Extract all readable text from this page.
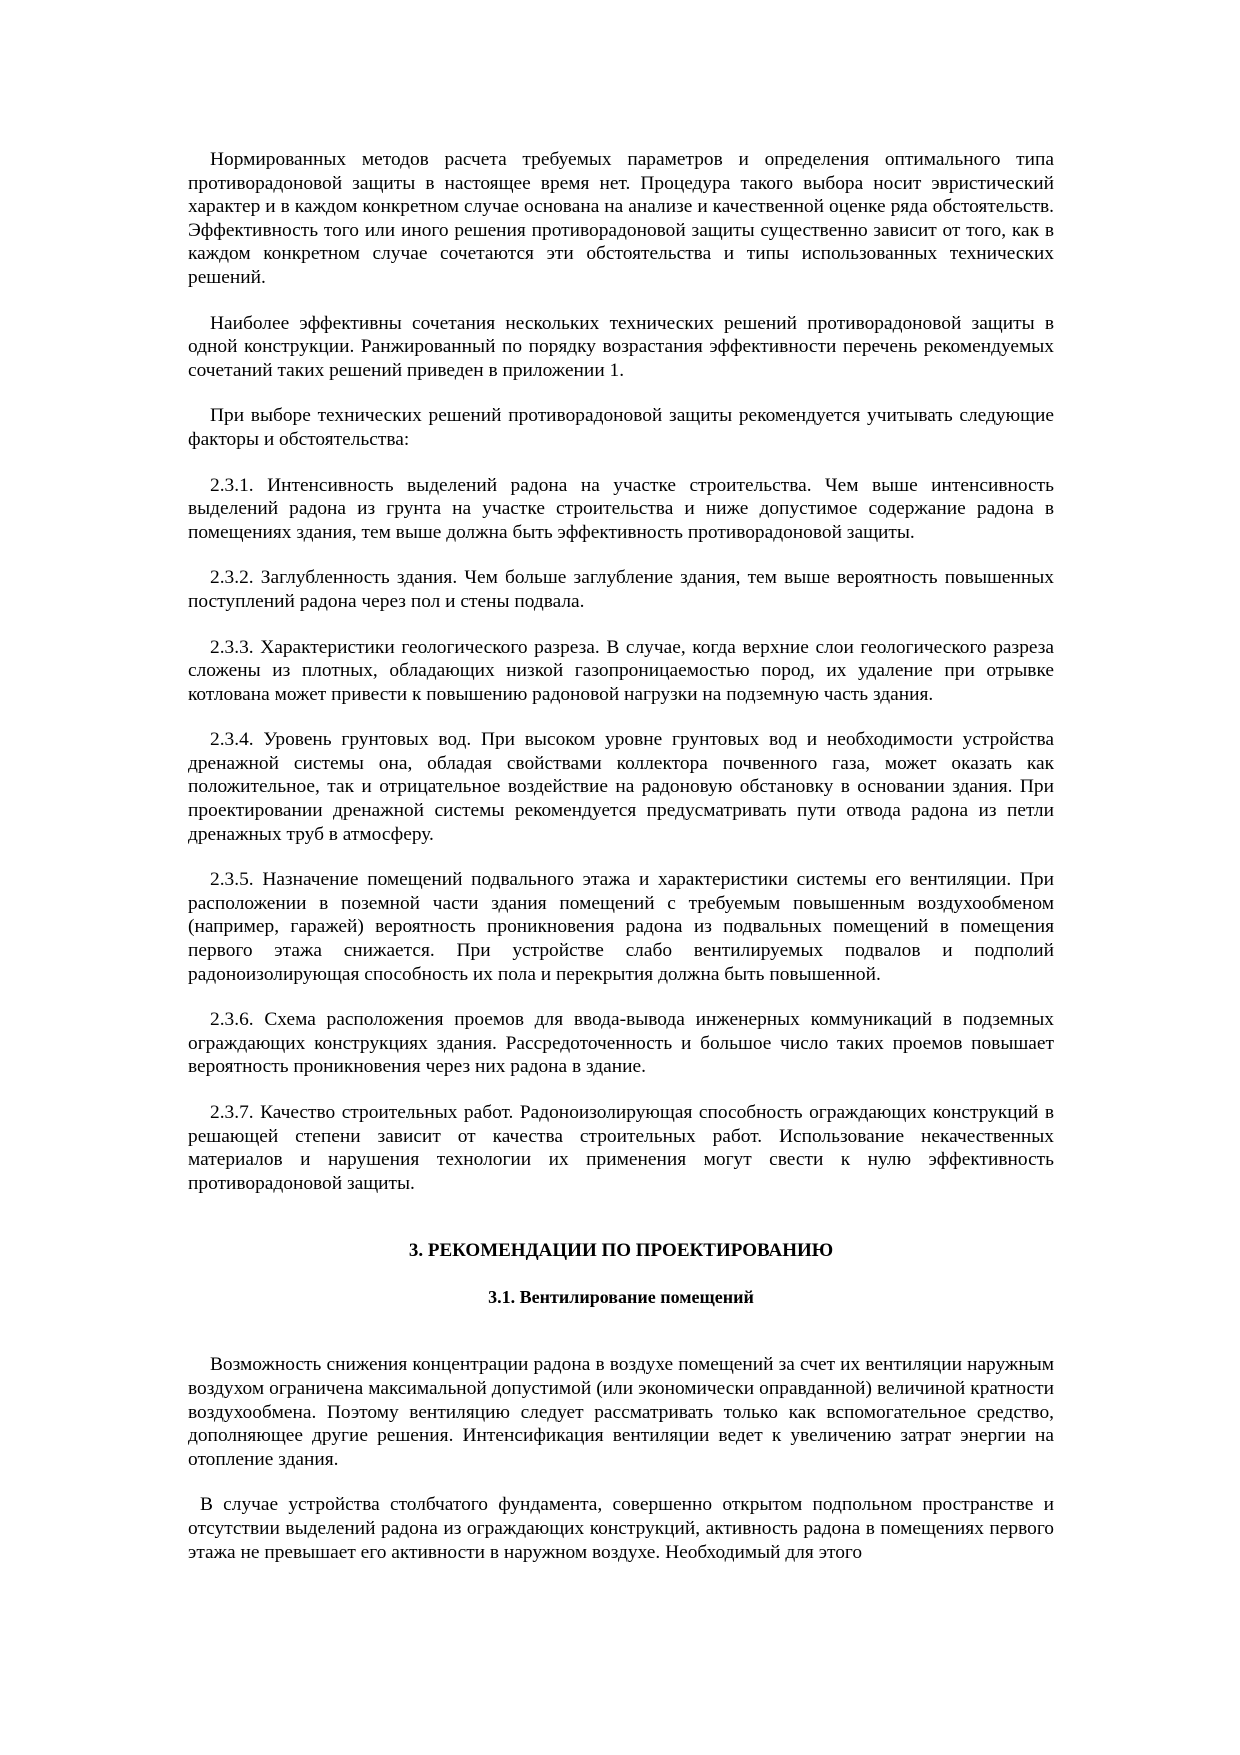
Нормированных методов расчета требуемых параметров и определения оптимального типа противорадоновой защиты в настоящее время нет. Процедура такого выбора носит эвристический характер и в каждом конкретном случае основана на анализе и качественной оценке ряда обстоятельств. Эффективность того или иного решения противорадоновой защиты существенно зависит от того, как в каждом конкретном случае сочетаются эти обстоятельства и типы использованных технических решений.

Наиболее эффективны сочетания нескольких технических решений противорадоновой защиты в одной конструкции. Ранжированный по порядку возрастания эффективности перечень рекомендуемых сочетаний таких решений приведен в приложении 1.

При выборе технических решений противорадоновой защиты рекомендуется учитывать следующие факторы и обстоятельства:

2.3.1. Интенсивность выделений радона на участке строительства. Чем выше интенсивность выделений радона из грунта на участке строительства и ниже допустимое содержание радона в помещениях здания, тем выше должна быть эффективность противорадоновой защиты.

2.3.2. Заглубленность здания. Чем больше заглубление здания, тем выше вероятность повышенных поступлений радона через пол и стены подвала.

2.3.3. Характеристики геологического разреза. В случае, когда верхние слои геологического разреза сложены из плотных, обладающих низкой газопроницаемостью пород, их удаление при отрывке котлована может привести к повышению радоновой нагрузки на подземную часть здания.

2.3.4. Уровень грунтовых вод. При высоком уровне грунтовых вод и необходимости устройства дренажной системы она, обладая свойствами коллектора почвенного газа, может оказать как положительное, так и отрицательное воздействие на радоновую обстановку в основании здания. При проектировании дренажной системы рекомендуется предусматривать пути отвода радона из петли дренажных труб в атмосферу.

2.3.5. Назначение помещений подвального этажа и характеристики системы его вентиляции. При расположении в поземной части здания помещений с требуемым повышенным воздухообменом (например, гаражей) вероятность проникновения радона из подвальных помещений в помещения первого этажа снижается. При устройстве слабо вентилируемых подвалов и подполий радоноизолирующая способность их пола и перекрытия должна быть повышенной.

2.3.6. Схема расположения проемов для ввода-вывода инженерных коммуникаций в подземных ограждающих конструкциях здания. Рассредоточенность и большое число таких проемов повышает вероятность проникновения через них радона в здание.

2.3.7. Качество строительных работ. Радоноизолирующая способность ограждающих конструкций в решающей степени зависит от качества строительных работ. Использование некачественных материалов и нарушения технологии их применения могут свести к нулю эффективность противорадоновой защиты.

3. РЕКОМЕНДАЦИИ ПО ПРОЕКТИРОВАНИЮ
3.1. Вентилирование помещений

Возможность снижения концентрации радона в воздухе помещений за счет их вентиляции наружным воздухом ограничена максимальной допустимой (или экономически оправданной) величиной кратности воздухообмена. Поэтому вентиляцию следует рассматривать только как вспомогательное средство, дополняющее другие решения. Интенсификация вентиляции ведет к увеличению затрат энергии на отопление здания.

В случае устройства столбчатого фундамента, совершенно открытом подпольном пространстве и отсутствии выделений радона из ограждающих конструкций, активность радона в помещениях первого этажа не превышает его активности в наружном воздухе. Необходимый для этого
